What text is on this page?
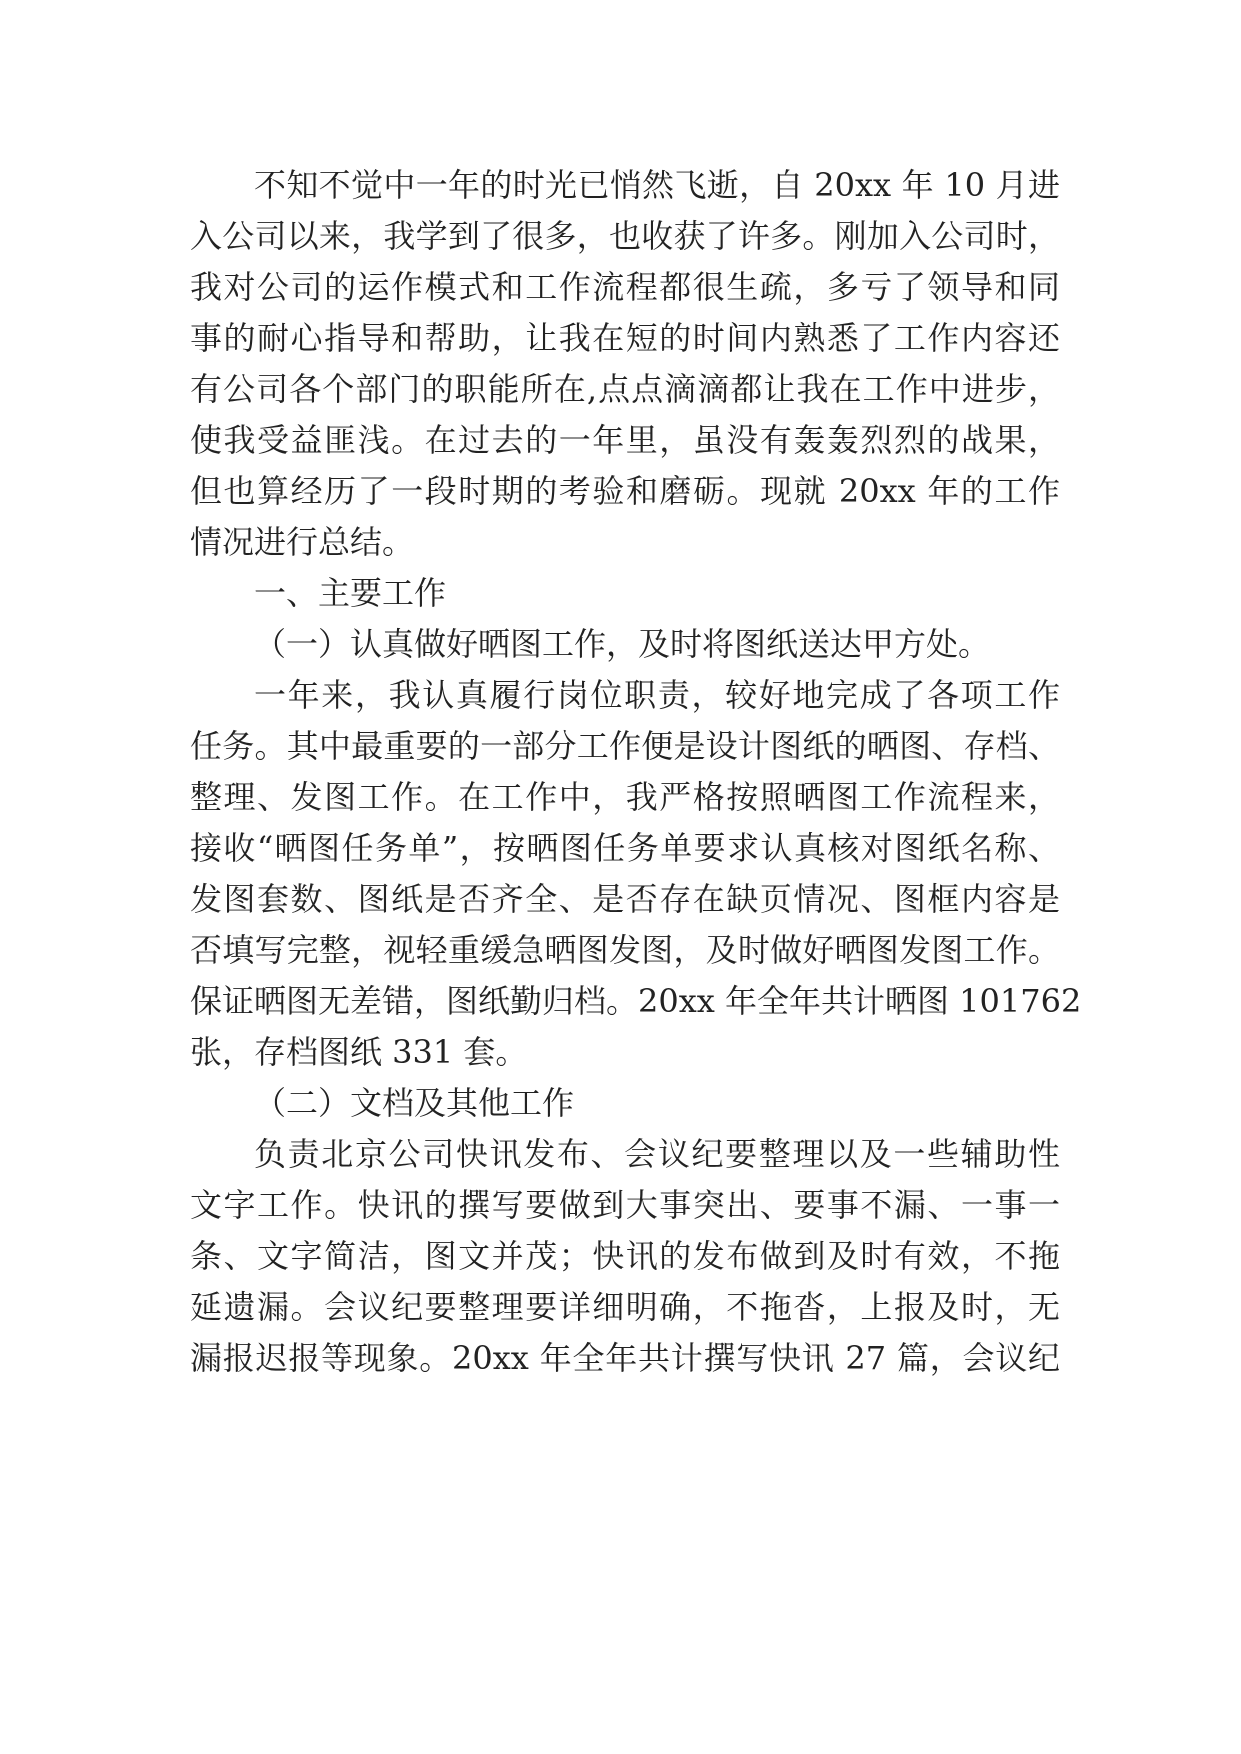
不知不觉中一年的时光已悄然飞逝，自 20xx 年 10 月进
入公司以来，我学到了很多，也收获了许多。刚加入公司时，
我对公司的运作模式和工作流程都很生疏，多亏了领导和同
事的耐心指导和帮助，让我在短的时间内熟悉了工作内容还
有公司各个部门的职能所在,点点滴滴都让我在工作中进步，
使我受益匪浅。在过去的一年里，虽没有轰轰烈烈的战果，
但也算经历了一段时期的考验和磨砺。现就 20xx 年的工作
情况进行总结。
一、主要工作
（一）认真做好晒图工作，及时将图纸送达甲方处。
一年来，我认真履行岗位职责，较好地完成了各项工作
任务。其中最重要的一部分工作便是设计图纸的晒图、存档、
整理、发图工作。在工作中，我严格按照晒图工作流程来，
接收“晒图任务单”，按晒图任务单要求认真核对图纸名称、
发图套数、图纸是否齐全、是否存在缺页情况、图框内容是
否填写完整，视轻重缓急晒图发图，及时做好晒图发图工作。
保证晒图无差错，图纸勤归档。20xx 年全年共计晒图 101762
张，存档图纸 331 套。
（二）文档及其他工作
负责北京公司快讯发布、会议纪要整理以及一些辅助性
文字工作。快讯的撰写要做到大事突出、要事不漏、一事一
条、文字简洁，图文并茂；快讯的发布做到及时有效，不拖
延遗漏。会议纪要整理要详细明确，不拖沓，上报及时，无
漏报迟报等现象。20xx 年全年共计撰写快讯 27 篇，会议纪
